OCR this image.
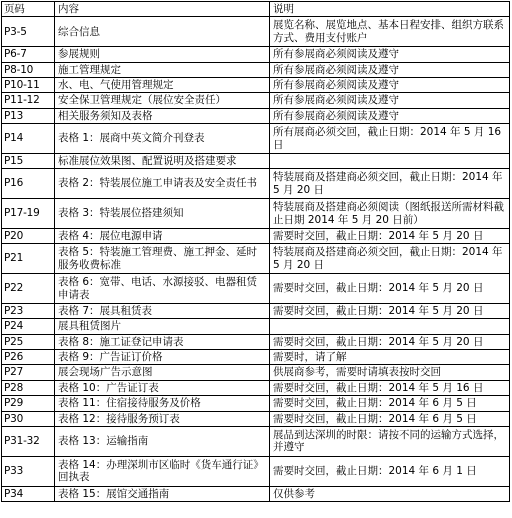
页码	内容	说明
P3-5	综合信息	展览名称、展览地点、基本日程安排、组织方联系方式、费用支付账户
P6-7	参展规则	所有参展商必须阅读及遵守
P8-10	施工管理规定	所有参展商必须阅读及遵守
P10-11	水、电、气使用管理规定	所有参展商必须阅读及遵守
P11-12	安全保卫管理规定（展位安全责任）	所有参展商必须阅读及遵守
P13	相关服务须知及表格	所有参展商必须阅读及遵守
P14	表格 1：展商中英文简介刊登表	所有展商必须交回，截止日期：2014 年 5 月 16 日
P15	标准展位效果图、配置说明及搭建要求	
P16	表格 2：特装展位施工申请表及安全责任书	特装展商及搭建商必须交回，截止日期：2014 年 5 月 20 日
P17-19	表格 3：特装展位搭建须知	特装展商及搭建商必须阅读（图纸报送所需材料截止日期 2014 年 5 月 20 日前）
P20	表格 4：展位电源申请	需要时交回，截止日期：2014 年 5 月 20 日
P21	表格 5：特装施工管理费、施工押金、延时服务收费标准	特装展商及搭建商必须交回，截止日期：2014 年 5 月 20 日
P22	表格 6：宽带、电话、水源接驳、电器租赁申请表	需要时交回，截止日期：2014 年 5 月 20 日
P23	表格 7：展具租赁表	需要时交回，截止日期：2014 年 5 月 20 日
P24	展具租赁图片	
P25	表格 8：施工证登记申请表	需要时交回，截止日期：2014 年 5 月 20 日
P26	表格 9：广告证订价格	需要时，请了解
P27	展会现场广告示意图	供展商参考，需要时请填表按时交回
P28	表格 10：广告证订表	需要时交回，截止日期：2014 年 5 月 16 日
P29	表格 11：住宿接待服务及价格	需要时交回，截止日期：2014 年 6 月 5 日
P30	表格 12：接待服务预订表	需要时交回，截止日期：2014 年 6 月 5 日
P31-32	表格 13：运输指南	展品到达深圳的时限：请按不同的运输方式选择，并遵守
P33	表格 14：办理深圳市区临时《货车通行证》回执表	需要时交回，截止日期：2014 年 6 月 1 日
P34	表格 15：展馆交通指南	仅供参考
